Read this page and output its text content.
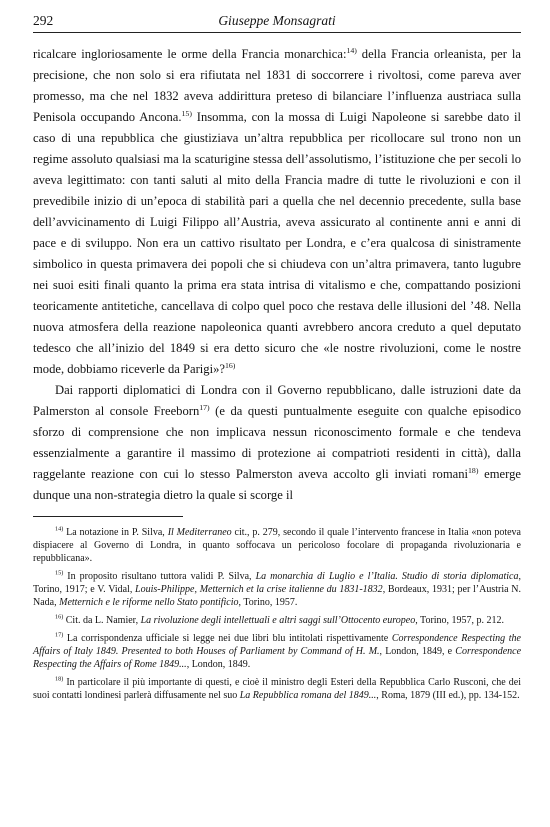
292	Giuseppe Monsagrati

ricalcare ingloriosamente le orme della Francia monarchica:$^{14)}$ della Francia orleanista, per la precisione, che non solo si era rifiutata nel 1831 di soccorrere i rivoltosi, come pareva aver promesso, ma che nel 1832 aveva addirittura preteso di bilanciare l’influenza austriaca sulla Penisola occupando Ancona.$^{15)}$ Insomma, con la mossa di Luigi Napoleone si sarebbe dato il caso di una repubblica che giustiziava un’altra repubblica per ricollocare sul trono non un regime assoluto qualsiasi ma la scaturigine stessa dell’assolutismo, l’istituzione che per secoli lo aveva legittimato: con tanti saluti al mito della Francia madre di tutte le rivoluzioni e con il prevedibile inizio di un’epoca di stabilità pari a quella che nel decennio precedente, sulla base dell’avvicinamento di Luigi Filippo all’Austria, aveva assicurato al continente anni e anni di pace e di sviluppo. Non era un cattivo risultato per Londra, e c’era qualcosa di sinistramente simbolico in questa primavera dei popoli che si chiudeva con un’altra primavera, tanto lugubre nei suoi esiti finali quanto la prima era stata intrisa di vitalismo e che, compattando posizioni teoricamente antitetiche, cancellava di colpo quel poco che restava delle illusioni del ’48. Nella nuova atmosfera della reazione napoleonica quanti avrebbero ancora creduto a quel deputato tedesco che all’inizio del 1849 si era detto sicuro che «le nostre rivoluzioni, come le nostre mode, dobbiamo riceverle da Parigi»?$^{16)}$

Dai rapporti diplomatici di Londra con il Governo repubblicano, dalle istruzioni date da Palmerston al console Freeborn$^{17)}$ (e da questi puntualmente eseguite con qualche episodico sforzo di comprensione che non implicava nessun riconoscimento formale e che tendeva essenzialmente a garantire il massimo di protezione ai compatrioti residenti in città), dalla raggelante reazione con cui lo stesso Palmerston aveva accolto gli inviati romani$^{18)}$ emerge dunque una non-strategia dietro la quale si scorge il

$^{14)}$ La notazione in P. Silva, Il Mediterraneo cit., p. 279, secondo il quale l’intervento francese in Italia «non poteva dispiacere al Governo di Londra, in quanto soffocava un pericoloso focolare di propaganda rivoluzionaria e repubblicana».

$^{15)}$ In proposito risultano tuttora validi P. Silva, La monarchia di Luglio e l’Italia. Studio di storia diplomatica, Torino, 1917; e V. Vidal, Louis-Philippe, Metternich et la crise italienne du 1831-1832, Bordeaux, 1931; per l’Austria N. Nada, Metternich e le riforme nello Stato pontificio, Torino, 1957.

$^{16)}$ Cit. da L. Namier, La rivoluzione degli intellettuali e altri saggi sull’Ottocento europeo, Torino, 1957, p. 212.

$^{17)}$ La corrispondenza ufficiale si legge nei due libri blu intitolati rispettivamente Correspondence Respecting the Affairs of Italy 1849. Presented to both Houses of Parliament by Command of H. M., London, 1849, e Correspondence Respecting the Affairs of Rome 1849..., London, 1849.

$^{18)}$ In particolare il più importante di questi, e cioè il ministro degli Esteri della Repubblica Carlo Rusconi, che dei suoi contatti londinesi parlerà diffusamente nel suo La Repubblica romana del 1849..., Roma, 1879 (III ed.), pp. 134-152.
